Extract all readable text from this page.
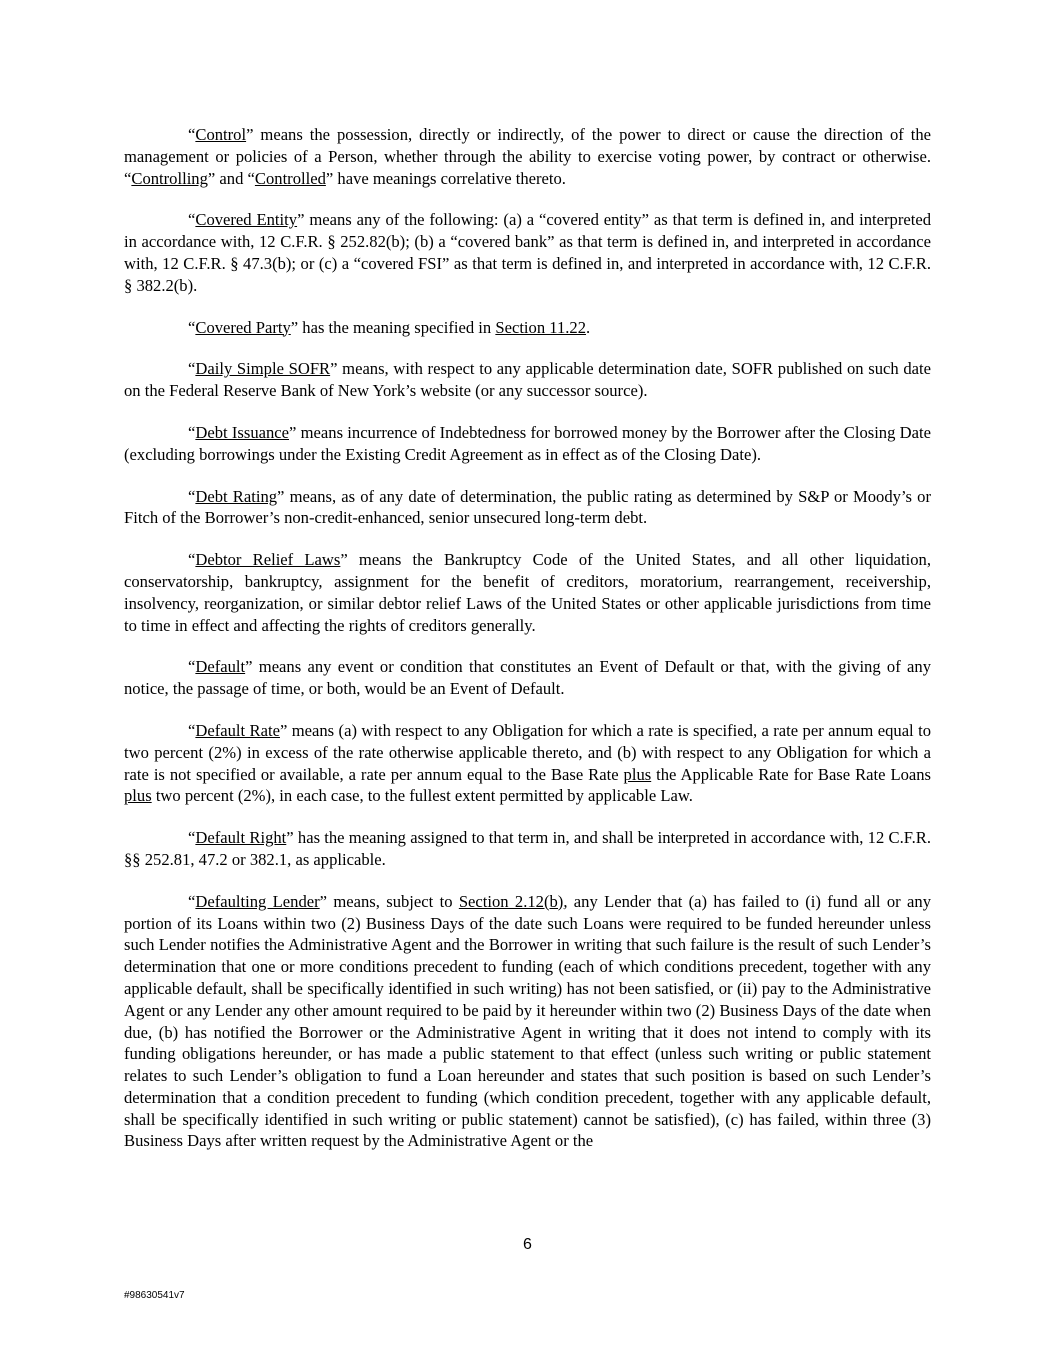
“Control” means the possession, directly or indirectly, of the power to direct or cause the direction of the management or policies of a Person, whether through the ability to exercise voting power, by contract or otherwise. “Controlling” and “Controlled” have meanings correlative thereto.

“Covered Entity” means any of the following: (a) a “covered entity” as that term is defined in, and interpreted in accordance with, 12 C.F.R. § 252.82(b); (b) a “covered bank” as that term is defined in, and interpreted in accordance with, 12 C.F.R. § 47.3(b); or (c) a “covered FSI” as that term is defined in, and interpreted in accordance with, 12 C.F.R. § 382.2(b).

“Covered Party” has the meaning specified in Section 11.22.

“Daily Simple SOFR” means, with respect to any applicable determination date, SOFR published on such date on the Federal Reserve Bank of New York’s website (or any successor source).

“Debt Issuance” means incurrence of Indebtedness for borrowed money by the Borrower after the Closing Date (excluding borrowings under the Existing Credit Agreement as in effect as of the Closing Date).

“Debt Rating” means, as of any date of determination, the public rating as determined by S&P or Moody’s or Fitch of the Borrower’s non-credit-enhanced, senior unsecured long-term debt.

“Debtor Relief Laws” means the Bankruptcy Code of the United States, and all other liquidation, conservatorship, bankruptcy, assignment for the benefit of creditors, moratorium, rearrangement, receivership, insolvency, reorganization, or similar debtor relief Laws of the United States or other applicable jurisdictions from time to time in effect and affecting the rights of creditors generally.

“Default” means any event or condition that constitutes an Event of Default or that, with the giving of any notice, the passage of time, or both, would be an Event of Default.

“Default Rate” means (a) with respect to any Obligation for which a rate is specified, a rate per annum equal to two percent (2%) in excess of the rate otherwise applicable thereto, and (b) with respect to any Obligation for which a rate is not specified or available, a rate per annum equal to the Base Rate plus the Applicable Rate for Base Rate Loans plus two percent (2%), in each case, to the fullest extent permitted by applicable Law.

“Default Right” has the meaning assigned to that term in, and shall be interpreted in accordance with, 12 C.F.R. §§ 252.81, 47.2 or 382.1, as applicable.

“Defaulting Lender” means, subject to Section 2.12(b), any Lender that (a) has failed to (i) fund all or any portion of its Loans within two (2) Business Days of the date such Loans were required to be funded hereunder unless such Lender notifies the Administrative Agent and the Borrower in writing that such failure is the result of such Lender’s determination that one or more conditions precedent to funding (each of which conditions precedent, together with any applicable default, shall be specifically identified in such writing) has not been satisfied, or (ii) pay to the Administrative Agent or any Lender any other amount required to be paid by it hereunder within two (2) Business Days of the date when due, (b) has notified the Borrower or the Administrative Agent in writing that it does not intend to comply with its funding obligations hereunder, or has made a public statement to that effect (unless such writing or public statement relates to such Lender’s obligation to fund a Loan hereunder and states that such position is based on such Lender’s determination that a condition precedent to funding (which condition precedent, together with any applicable default, shall be specifically identified in such writing or public statement) cannot be satisfied), (c) has failed, within three (3) Business Days after written request by the Administrative Agent or the

6
#98630541v7
